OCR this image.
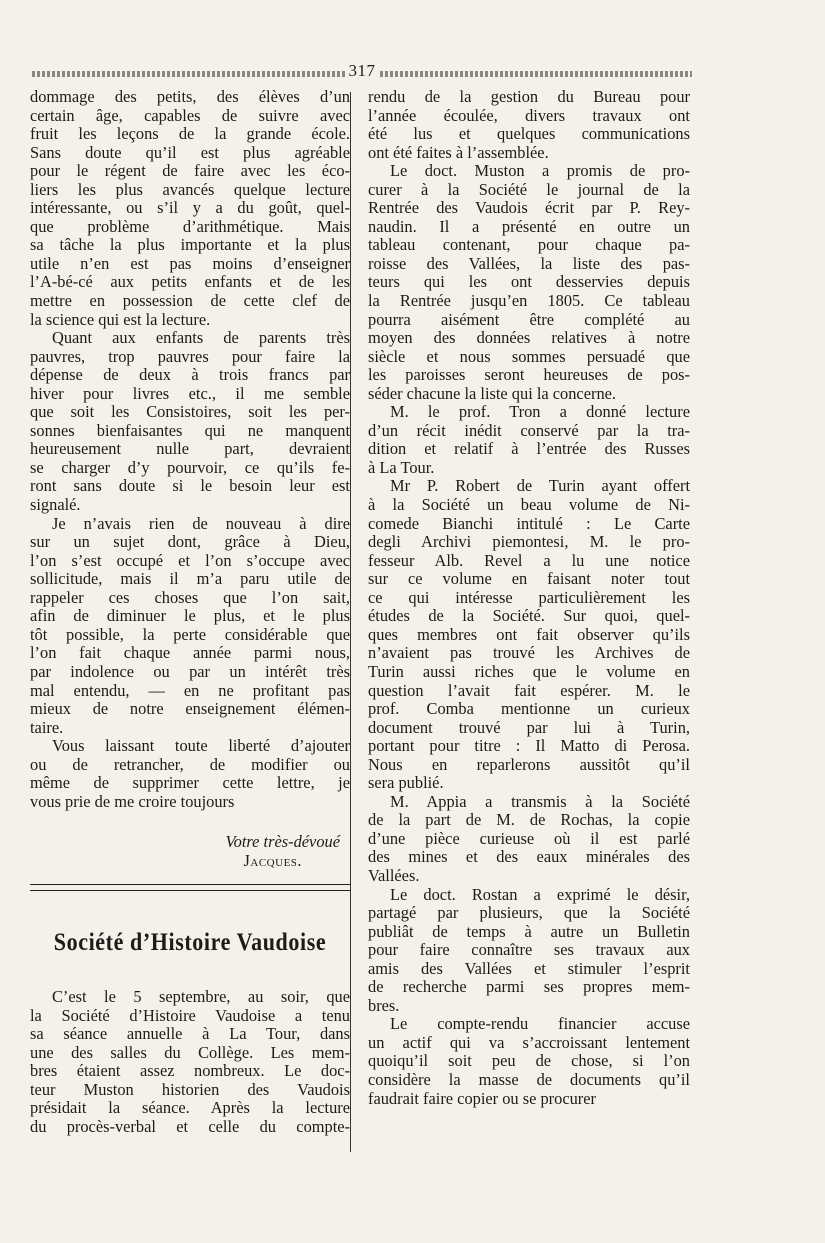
317
dommage des petits, des élèves d’un
certain âge, capables de suivre avec
fruit les leçons de la grande école.
Sans doute qu’il est plus agréable
pour le régent de faire avec les éco-
liers les plus avancés quelque lecture
intéressante, ou s’il y a du goût, quel-
que problème d’arithmétique. Mais
sa tâche la plus importante et la plus
utile n’en est pas moins d’enseigner
l’A-bé-cé aux petits enfants et de les
mettre en possession de cette clef de
la science qui est la lecture.
Quant aux enfants de parents très
pauvres, trop pauvres pour faire la
dépense de deux à trois francs par
hiver pour livres etc., il me semble
que soit les Consistoires, soit les per-
sonnes bienfaisantes qui ne manquent
heureusement nulle part, devraient
se charger d’y pourvoir, ce qu’ils fe-
ront sans doute si le besoin leur est
signalé.
Je n’avais rien de nouveau à dire
sur un sujet dont, grâce à Dieu,
l’on s’est occupé et l’on s’occupe avec
sollicitude, mais il m’a paru utile de
rappeler ces choses que l’on sait,
afin de diminuer le plus, et le plus
tôt possible, la perte considérable que
l’on fait chaque année parmi nous,
par indolence ou par un intérêt très
mal entendu, — en ne profitant pas
mieux de notre enseignement élémen-
taire.
Vous laissant toute liberté d’ajouter
ou de retrancher, de modifier ou
même de supprimer cette lettre, je
vous prie de me croire toujours
Votre très-dévoué
Jacques.
Société d’Histoire Vaudoise
C’est le 5 septembre, au soir, que
la Société d’Histoire Vaudoise a tenu
sa séance annuelle à La Tour, dans
une des salles du Collège. Les mem-
bres étaient assez nombreux. Le doc-
teur Muston historien des Vaudois
présidait la séance. Après la lecture
du procès-verbal et celle du compte-
rendu de la gestion du Bureau pour
l’année écoulée, divers travaux ont
été lus et quelques communications
ont été faites à l’assemblée.
Le doct. Muston a promis de pro-
curer à la Société le journal de la
Rentrée des Vaudois écrit par P. Rey-
naudin. Il a présenté en outre un
tableau contenant, pour chaque pa-
roisse des Vallées, la liste des pas-
teurs qui les ont desservies depuis
la Rentrée jusqu’en 1805. Ce tableau
pourra aisément être complété au
moyen des données relatives à notre
siècle et nous sommes persuadé que
les paroisses seront heureuses de pos-
séder chacune la liste qui la concerne.
M. le prof. Tron a donné lecture
d’un récit inédit conservé par la tra-
dition et relatif à l’entrée des Russes
à La Tour.
Mr P. Robert de Turin ayant offert
à la Société un beau volume de Ni-
comede Bianchi intitulé : Le Carte
degli Archivi piemontesi, M. le pro-
fesseur Alb. Revel a lu une notice
sur ce volume en faisant noter tout
ce qui intéresse particulièrement les
études de la Société. Sur quoi, quel-
ques membres ont fait observer qu’ils
n’avaient pas trouvé les Archives de
Turin aussi riches que le volume en
question l’avait fait espérer. M. le
prof. Comba mentionne un curieux
document trouvé par lui à Turin,
portant pour titre : Il Matto di Perosa.
Nous en reparlerons aussitôt qu’il
sera publié.
M. Appia a transmis à la Société
de la part de M. de Rochas, la copie
d’une pièce curieuse où il est parlé
des mines et des eaux minérales des
Vallées.
Le doct. Rostan a exprimé le désir,
partagé par plusieurs, que la Société
publiât de temps à autre un Bulletin
pour faire connaître ses travaux aux
amis des Vallées et stimuler l’esprit
de recherche parmi ses propres mem-
bres.
Le compte-rendu financier accuse
un actif qui va s’accroissant lentement
quoiqu’il soit peu de chose, si l’on
considère la masse de documents qu’il
faudrait faire copier ou se procurer
